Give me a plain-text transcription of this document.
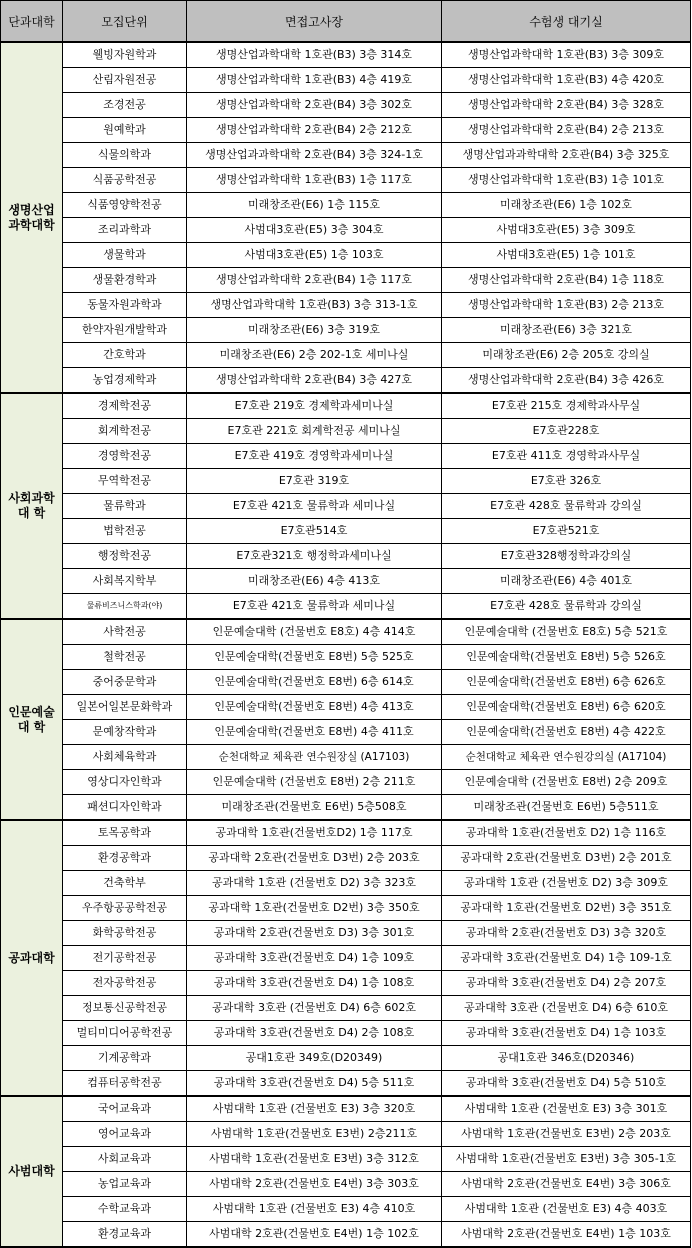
단과대학	모집단위	면접고사장	수험생 대기실
생명산업과학대학	웰빙자원학과	생명산업과학대학 1호관(B3) 3층 314호	생명산업과학대학 1호관(B3) 3층 309호
	산림자원전공	생명산업과학대학 1호관(B3) 4층 419호	생명산업과학대학 1호관(B3) 4층 420호
	조경전공	생명산업과학대학 2호관(B4) 3층 302호	생명산업과학대학 2호관(B4) 3층 328호
	원예학과	생명산업과학대학 2호관(B4) 2층 212호	생명산업과학대학 2호관(B4) 2층 213호
	식물의학과	생명산업과과학대학 2호관(B4) 3층 324-1호	생명산업과과학대학 2호관(B4) 3층 325호
	식품공학전공	생명산업과학대학 1호관(B3) 1층 117호	생명산업과학대학 1호관(B3) 1층 101호
	식품영양학전공	미래창조관(E6) 1층 115호	미래창조관(E6) 1층 102호
	조리과학과	사범대3호관(E5) 3층 304호	사범대3호관(E5) 3층 309호
	생물학과	사범대3호관(E5) 1층 103호	사범대3호관(E5) 1층 101호
	생물환경학과	생명산업과학대학 2호관(B4) 1층 117호	생명산업과학대학 2호관(B4) 1층 118호
	동물자원과학과	생명산업과학대학 1호관(B3) 3층 313-1호	생명산업과학대학 1호관(B3) 2층 213호
	한약자원개발학과	미래창조관(E6) 3층 319호	미래창조관(E6) 3층 321호
	간호학과	미래창조관(E6) 2층 202-1호 세미나실	미래창조관(E6) 2층 205호 강의실
	농업경제학과	생명산업과학대학 2호관(B4) 3층 427호	생명산업과학대학 2호관(B4) 3층 426호
사회과학대 학	경제학전공	E7호관 219호 경제학과세미나실	E7호관 215호 경제학과사무실
	회계학전공	E7호관 221호 회계학전공 세미나실	E7호관228호
	경영학전공	E7호관 419호 경영학과세미나실	E7호관 411호 경영학과사무실
	무역학전공	E7호관 319호	E7호관 326호
	물류학과	E7호관 421호 물류학과 세미나실	E7호관 428호 물류학과 강의실
	법학전공	E7호관514호	E7호관521호
	행정학전공	E7호관321호 행정학과세미나실	E7호관328행정학과강의실
	사회복지학부	미래창조관(E6) 4층 413호	미래창조관(E6) 4층 401호
	물류비즈니스학과(야)	E7호관 421호 물류학과 세미나실	E7호관 428호 물류학과 강의실
인문예술대 학	사학전공	인문예술대학 (건물번호 E8호) 4층 414호	인문예술대학 (건물번호 E8호) 5층 521호
	철학전공	인문예술대학(건물번호 E8번) 5층 525호	인문예술대학(건물번호 E8번) 5층 526호
	중어중문학과	인문예술대학(건물번호 E8번) 6층 614호	인문예술대학(건물번호 E8번) 6층 626호
	일본어일본문화학과	인문예술대학(건물번호 E8번) 4층 413호	인문예술대학(건물번호 E8번) 6층 620호
	문예창작학과	인문예술대학(건물번호 E8번) 4층 411호	인문예술대학(건물번호 E8번) 4층 422호
	사회체육학과	순천대학교 체육관 연수원장실 (A17103)	순천대학교 체육관 연수원강의실 (A17104)
	영상디자인학과	인문예술대학 (건물번호 E8번) 2층 211호	인문예술대학 (건물번호 E8번) 2층 209호
	패션디자인학과	미래창조관(건물번호 E6번) 5층508호	미래창조관(건물번호 E6번) 5층511호
공과대학	토목공학과	공과대학 1호관(건물번호D2) 1층 117호	공과대학 1호관(건물번호 D2) 1층 116호
	환경공학과	공과대학 2호관(건물번호 D3번) 2층 203호	공과대학 2호관(건물번호 D3번) 2층 201호
	건축학부	공과대학 1호관 (건물번호 D2) 3층 323호	공과대학 1호관 (건물번호 D2) 3층 309호
	우주항공공학전공	공과대학 1호관(건물번호 D2번) 3층 350호	공과대학 1호관(건물번호 D2번) 3층 351호
	화학공학전공	공과대학 2호관(건물번호 D3) 3층 301호	공과대학 2호관(건물번호 D3) 3층 320호
	전기공학전공	공과대학 3호관(건물번호 D4) 1층 109호	공과대학 3호관(건물번호 D4) 1층 109-1호
	전자공학전공	공과대학 3호관(건물번호 D4) 1층 108호	공과대학 3호관(건물번호 D4) 2층 207호
	정보통신공학전공	공과대학 3호관 (건물번호 D4) 6층 602호	공과대학 3호관 (건물번호 D4) 6층 610호
	멀티미디어공학전공	공과대학 3호관(건물번호 D4) 2층 108호	공과대학 3호관(건물번호 D4) 1층 103호
	기계공학과	공대1호관 349호(D20349)	공대1호관 346호(D20346)
	컴퓨터공학전공	공과대학 3호관(건물번호 D4) 5층 511호	공과대학 3호관(건물번호 D4) 5층 510호
사범대학	국어교육과	사범대학 1호관 (건물번호 E3) 3층 320호	사범대학 1호관 (건물번호 E3) 3층 301호
	영어교육과	사범대학 1호관(건물번호 E3번) 2층211호	사범대학 1호관(건물번호 E3번) 2층 203호
	사회교육과	사범대학 1호관(건물번호 E3번) 3층 312호	사범대학 1호관(건물번호 E3번) 3층 305-1호
	농업교육과	사범대학 2호관(건물번호 E4번) 3층 303호	사범대학 2호관(건물번호 E4번) 3층 306호
	수학교육과	사범대학 1호관 (건물번호 E3) 4층 410호	사범대학 1호관 (건물번호 E3) 4층 403호
	환경교육과	사범대학 2호관(건물번호 E4번) 1층 102호	사범대학 2호관(건물번호 E4번) 1층 103호
